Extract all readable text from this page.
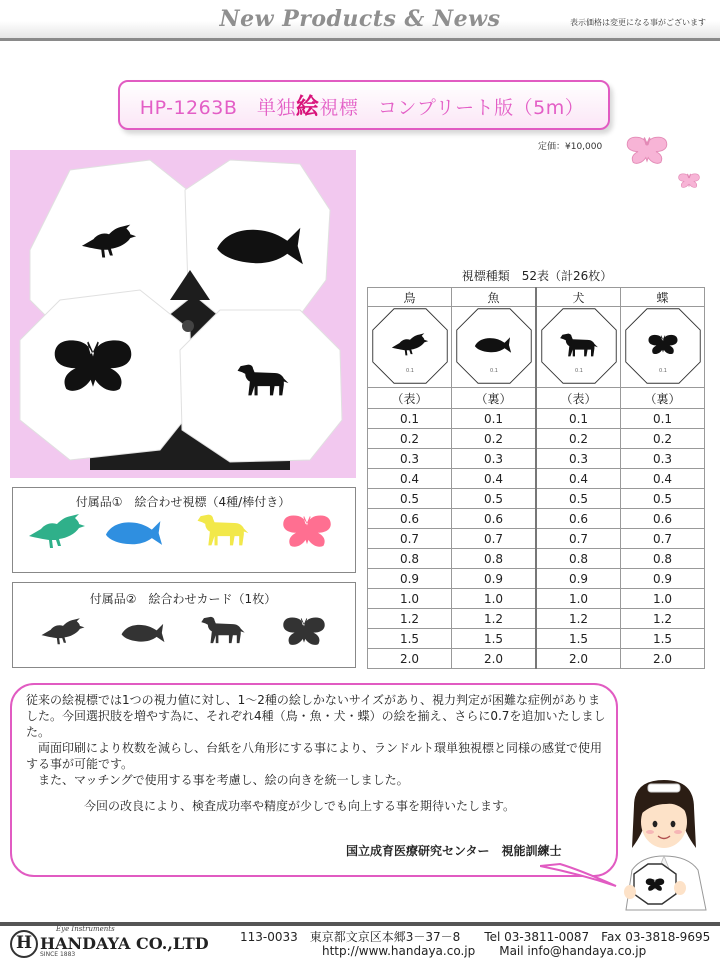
New Products & News	表示価格は変更になる事がございます
HP-1263B　単独絵視標　コンプリート版（5m）
定価：¥10,000
付属品①　絵合わせ視標（4種/棒付き）
付属品②　絵合わせカード（1枚）
視標種類　52表（計26枚）
鳥	魚	犬	蝶

0.1	0.1	0.1	0.1

（表）	（裏）	（表）	（裏）
0.1	0.1	0.1	0.1
0.2	0.2	0.2	0.2
0.3	0.3	0.3	0.3
0.4	0.4	0.4	0.4
0.5	0.5	0.5	0.5
0.6	0.6	0.6	0.6
0.7	0.7	0.7	0.7
0.8	0.8	0.8	0.8
0.9	0.9	0.9	0.9
1.0	1.0	1.0	1.0
1.2	1.2	1.2	1.2
1.5	1.5	1.5	1.5
2.0	2.0	2.0	2.0

従来の絵視標では1つの視力値に対し、1～2種の絵しかないサイズがあり、視力判定が困難な症例がありました。今回選択肢を増やす為に、それぞれ4種（鳥・魚・犬・蝶）の絵を揃え、さらに0.7を追加いたしました。

両面印刷により枚数を減らし、台紙を八角形にする事により、ランドルト環単独視標と同様の感覚で使用する事が可能です。

また、マッチングで使用する事を考慮し、絵の向きを統一しました。

今回の改良により、検査成功率や精度が少しでも向上する事を期待いたします。

国立成育医療研究センター　視能訓練士
Eye Instruments
H HANDAYA CO.,LTD
SINCE 1883
113-0033　東京都文京区本郷3－37－8　　Tel 03-3811-0087　Fax 03-3818-9695
http://www.handaya.co.jp　　Mail info@handaya.co.jp
